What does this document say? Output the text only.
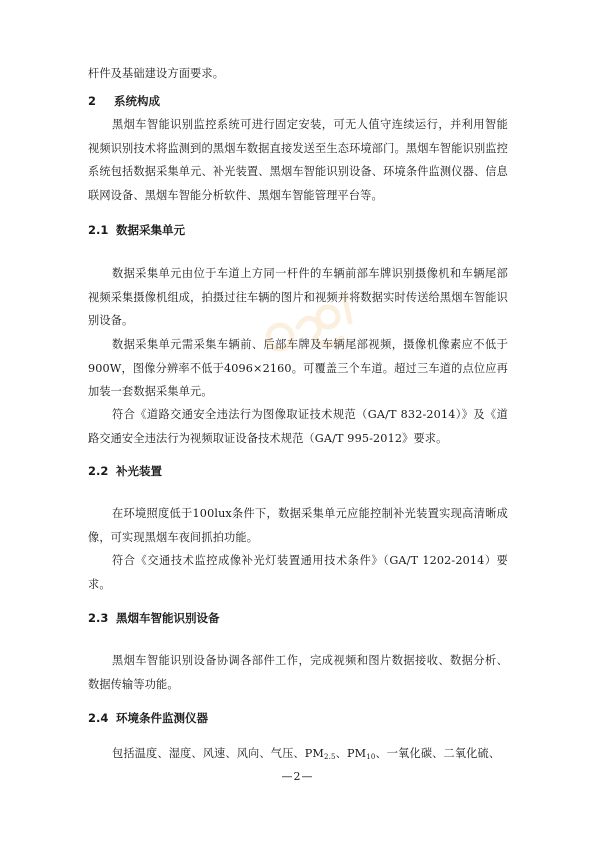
杆件及基础建设方面要求。

2 系统构成

黑烟车智能识别监控系统可进行固定安装，可无人值守连续运行，并利用智能视频识别技术将监测到的黑烟车数据直接发送至生态环境部门。黑烟车智能识别监控系统包括数据采集单元、补光装置、黑烟车智能识别设备、环境条件监测仪器、信息联网设备、黑烟车智能分析软件、黑烟车智能管理平台等。

2.1 数据采集单元

数据采集单元由位于车道上方同一杆件的车辆前部车牌识别摄像机和车辆尾部视频采集摄像机组成，拍摄过往车辆的图片和视频并将数据实时传送给黑烟车智能识别设备。

数据采集单元需采集车辆前、后部车牌及车辆尾部视频，摄像机像素应不低于900W，图像分辨率不低于4096×2160。可覆盖三个车道。超过三车道的点位应再加装一套数据采集单元。

符合《道路交通安全违法行为图像取证技术规范（GA/T 832-2014）》及《道路交通安全违法行为视频取证设备技术规范（GA/T 995-2012》要求。

2.2 补光装置

在环境照度低于100lux条件下，数据采集单元应能控制补光装置实现高清晰成像，可实现黑烟车夜间抓拍功能。

符合《交通技术监控成像补光灯装置通用技术条件》（GA/T 1202-2014）要求。

2.3 黑烟车智能识别设备

黑烟车智能识别设备协调各部件工作，完成视频和图片数据接收、数据分析、数据传输等功能。

2.4 环境条件监测仪器

包括温度、湿度、风速、风向、气压、$PM_{2.5}$、$PM_{10}$、一氧化碳、二氧化硫、

—2—
